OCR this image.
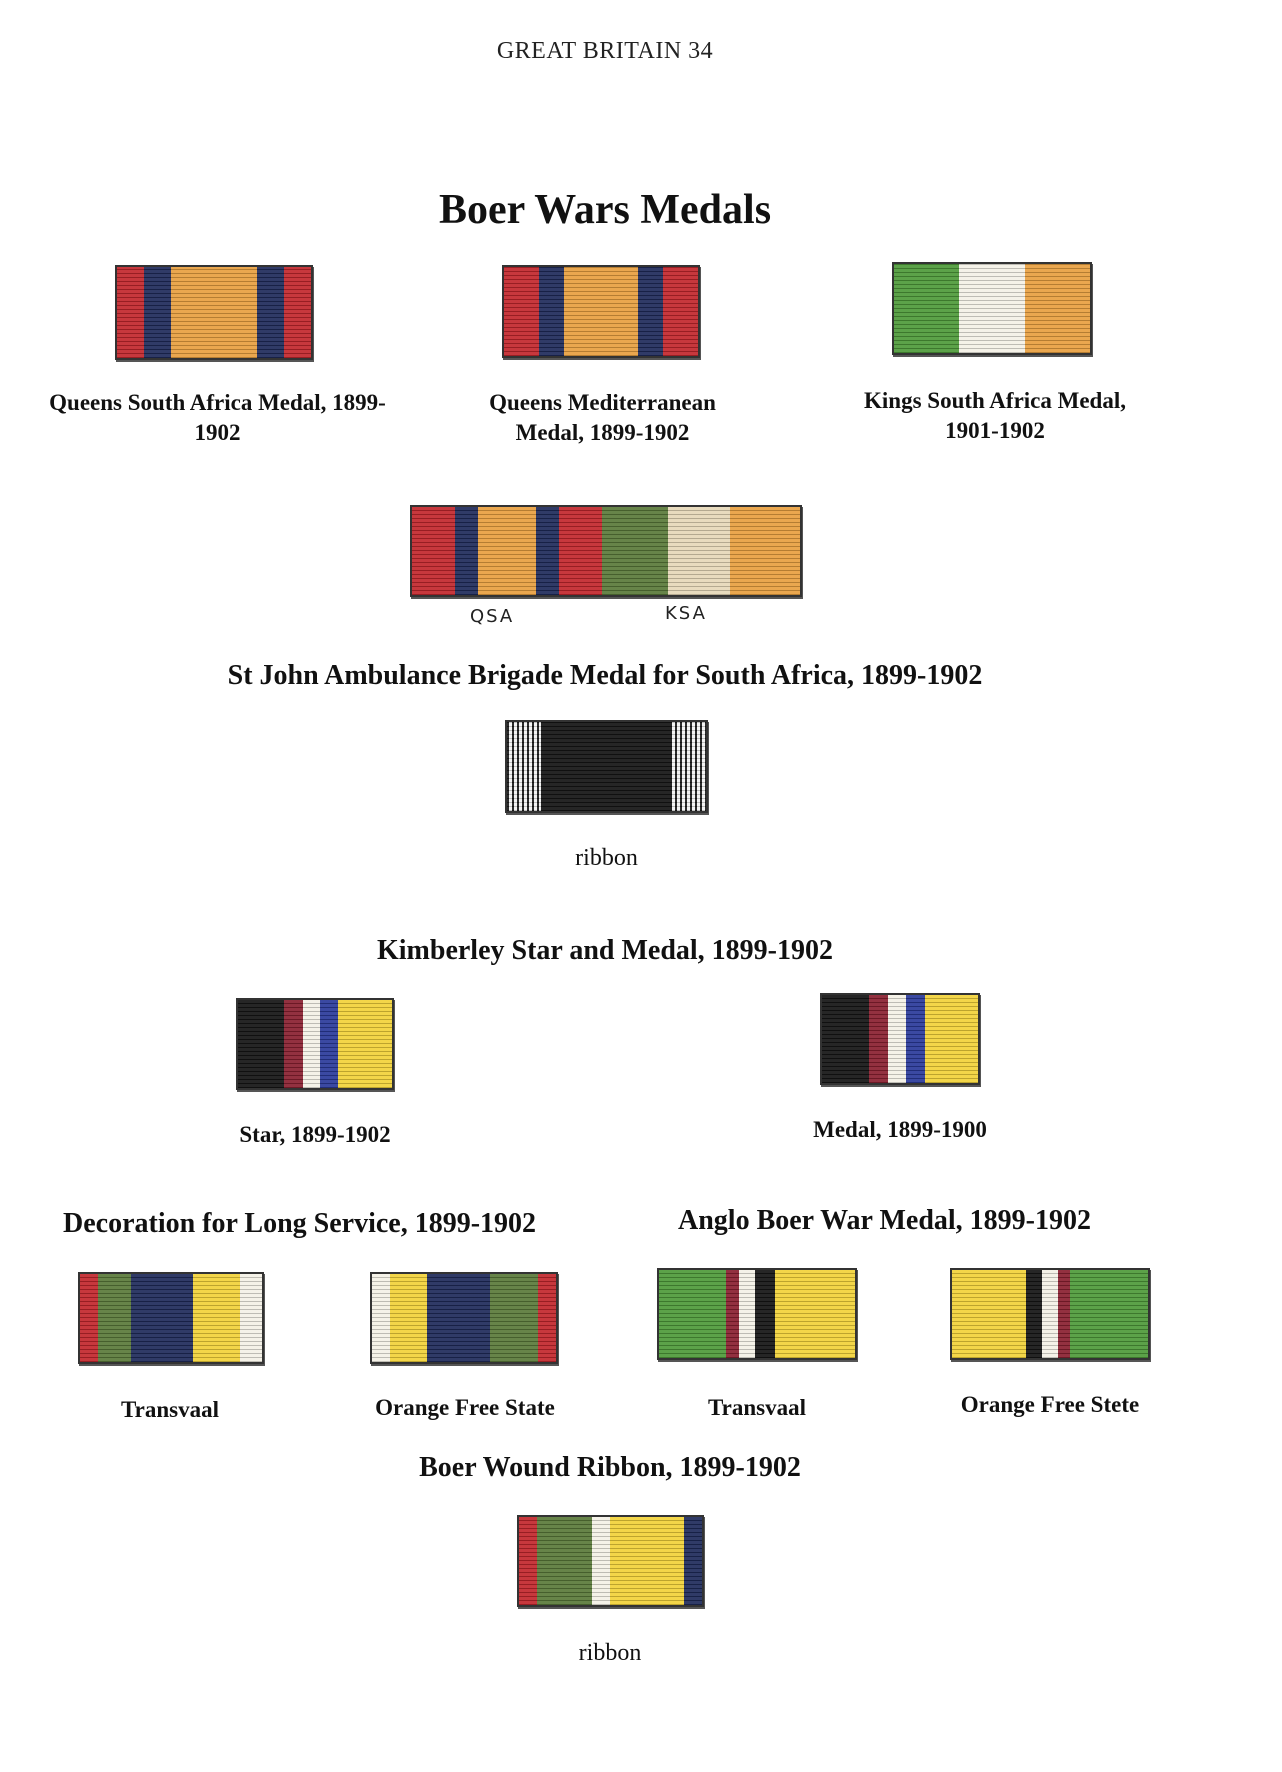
GREAT BRITAIN 34
Boer Wars Medals
Queens South Africa Medal, 1899-1902
Queens Mediterranean Medal, 1899-1902
Kings South Africa Medal, 1901-1902
QSA	KSA
St John Ambulance Brigade Medal for South Africa, 1899-1902
ribbon
Kimberley Star and Medal, 1899-1902
Star, 1899-1902	Medal, 1899-1900
Decoration for Long Service, 1899-1902	Anglo Boer War Medal, 1899-1902
Transvaal	Orange Free State	Transvaal	Orange Free Stete
Boer Wound Ribbon, 1899-1902
ribbon
